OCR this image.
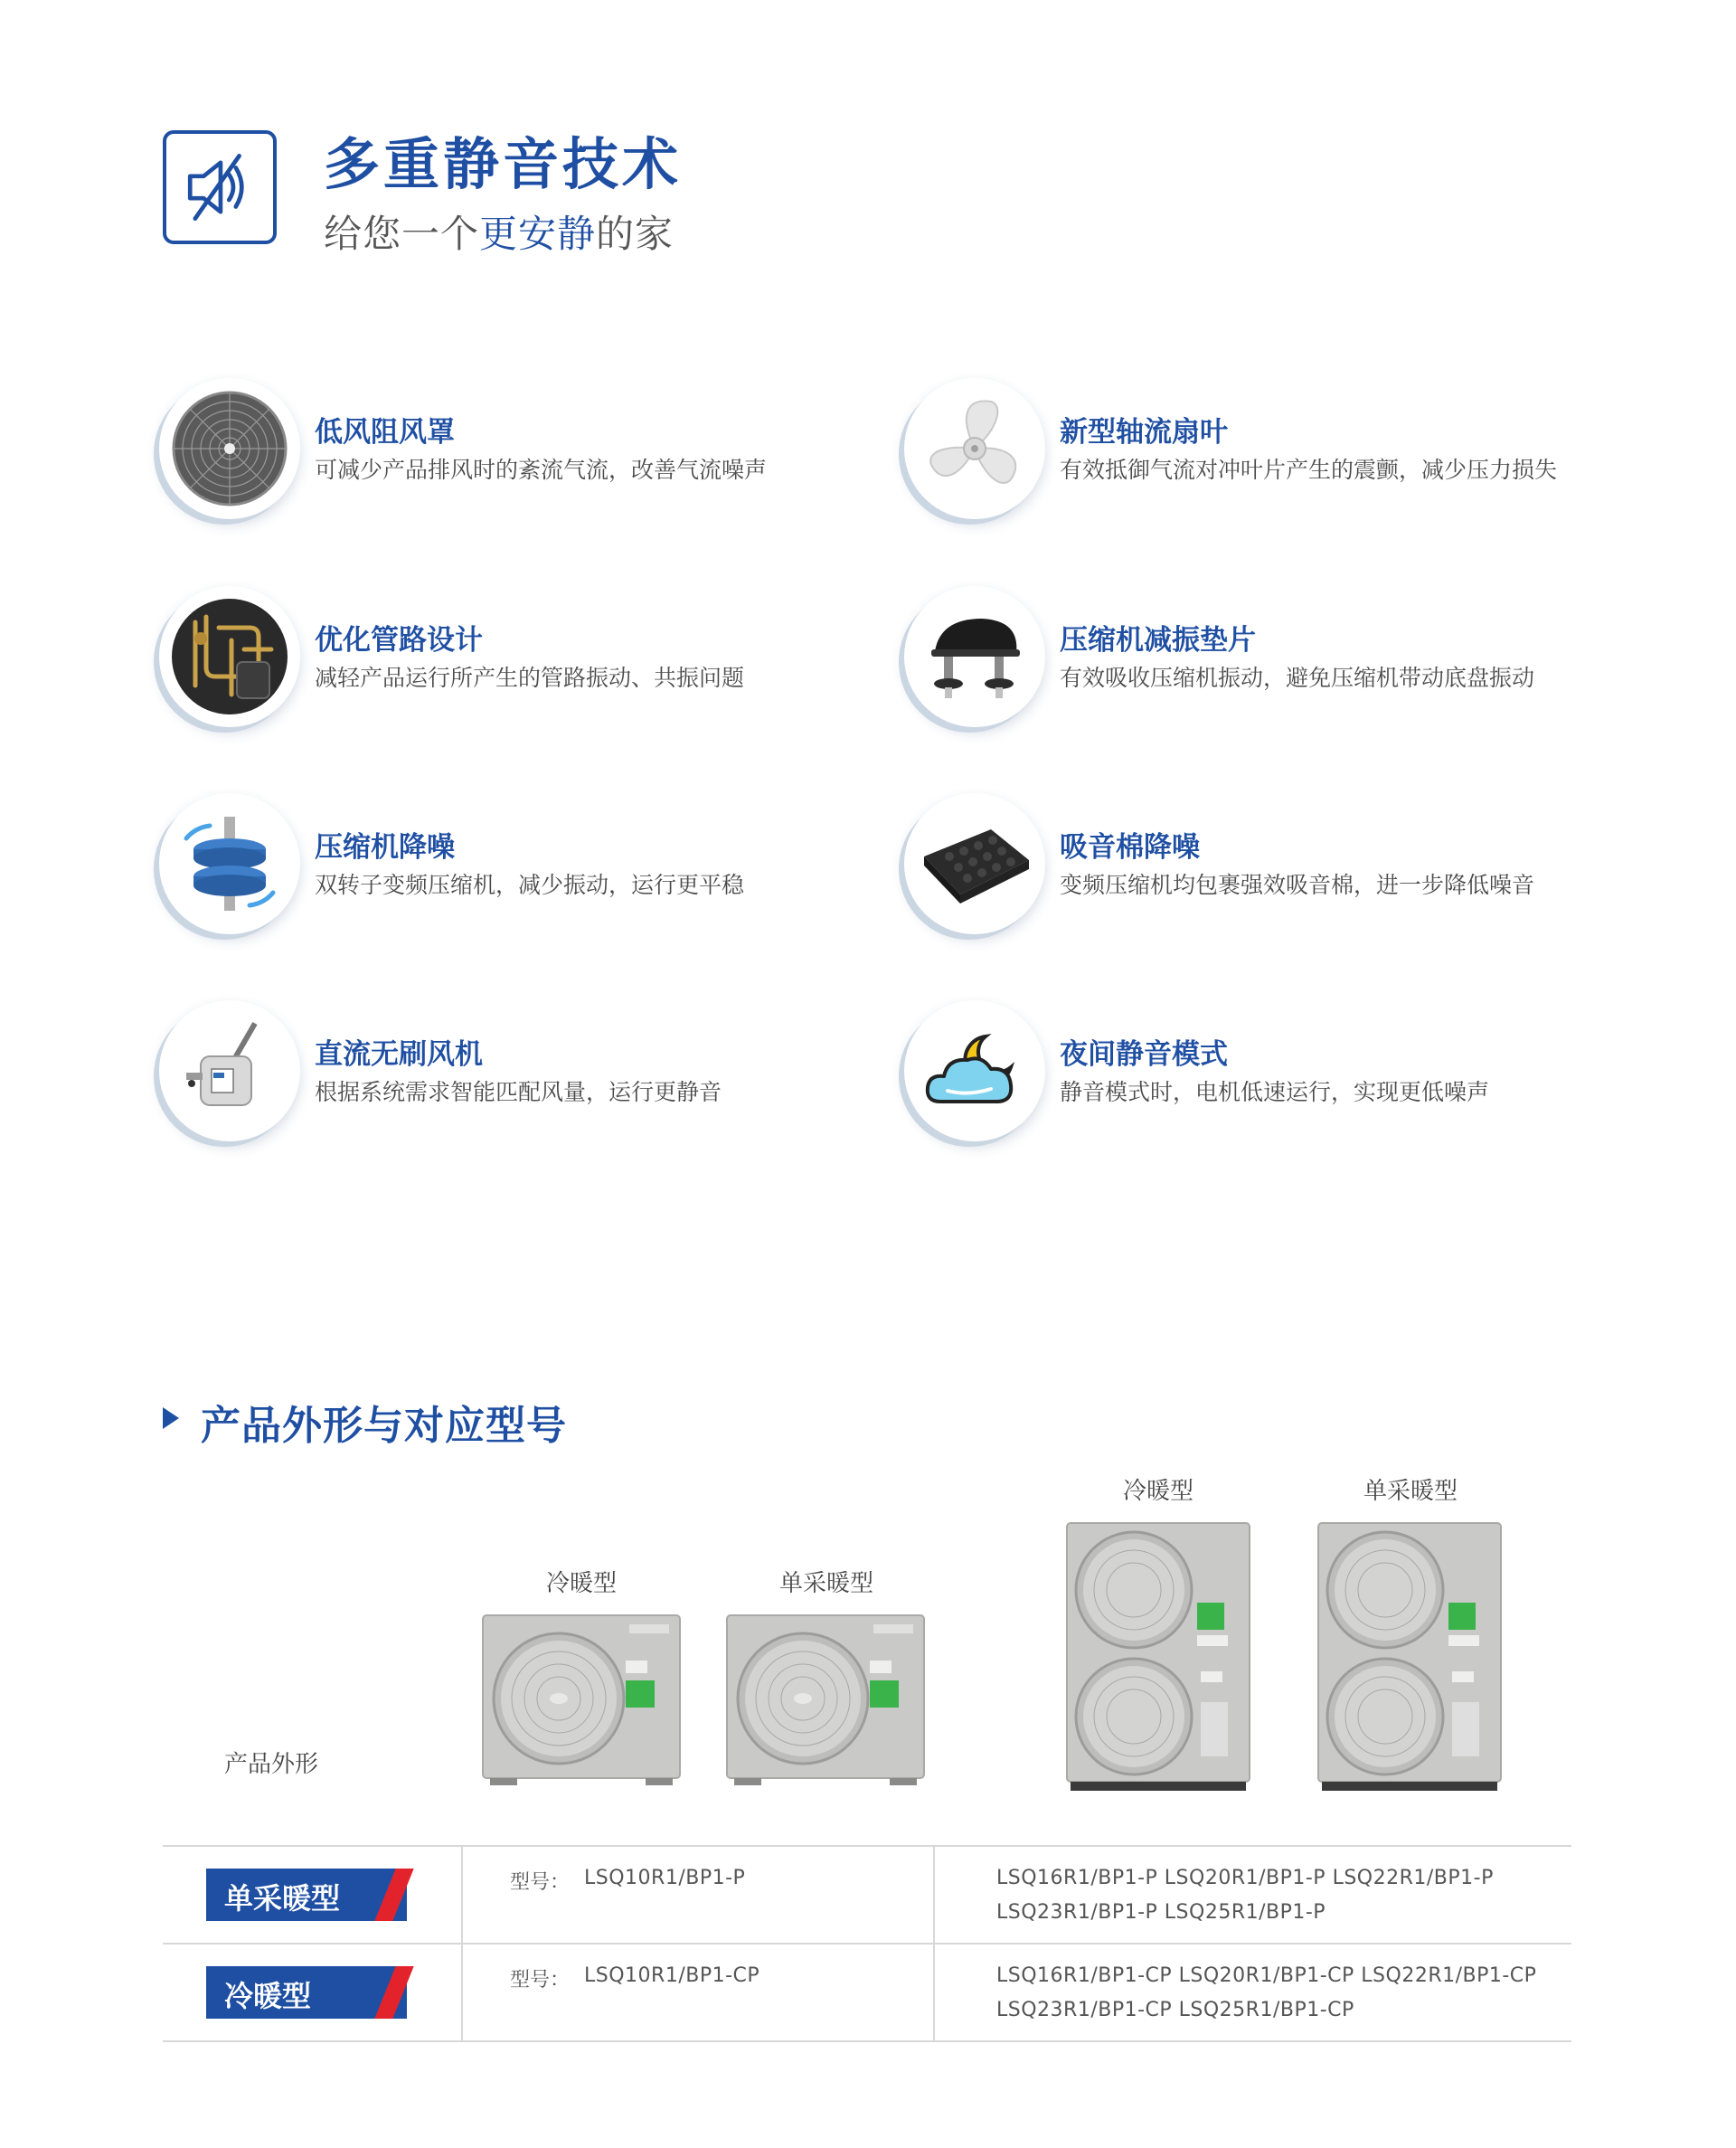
多重静音技术
给您一个更安静的家
低风阻风罩
可减少产品排风时的紊流气流，改善气流噪声
新型轴流扇叶
有效抵御气流对冲叶片产生的震颤，减少压力损失
优化管路设计
减轻产品运行所产生的管路振动、共振问题
压缩机减振垫片
有效吸收压缩机振动，避免压缩机带动底盘振动
压缩机降噪
双转子变频压缩机，减少振动，运行更平稳
吸音棉降噪
变频压缩机均包裹强效吸音棉，进一步降低噪音
直流无刷风机
根据系统需求智能匹配风量，运行更静音
夜间静音模式
静音模式时，电机低速运行，实现更低噪声
产品外形与对应型号
冷暖型	单采暖型
冷暖型	单采暖型
产品外形
单采暖型	型号： LSQ10R1/BP1-P	LSQ16R1/BP1-P LSQ20R1/BP1-P LSQ22R1/BP1-P
LSQ23R1/BP1-P LSQ25R1/BP1-P
冷暖型	型号： LSQ10R1/BP1-CP	LSQ16R1/BP1-CP LSQ20R1/BP1-CP LSQ22R1/BP1-CP
LSQ23R1/BP1-CP LSQ25R1/BP1-CP
